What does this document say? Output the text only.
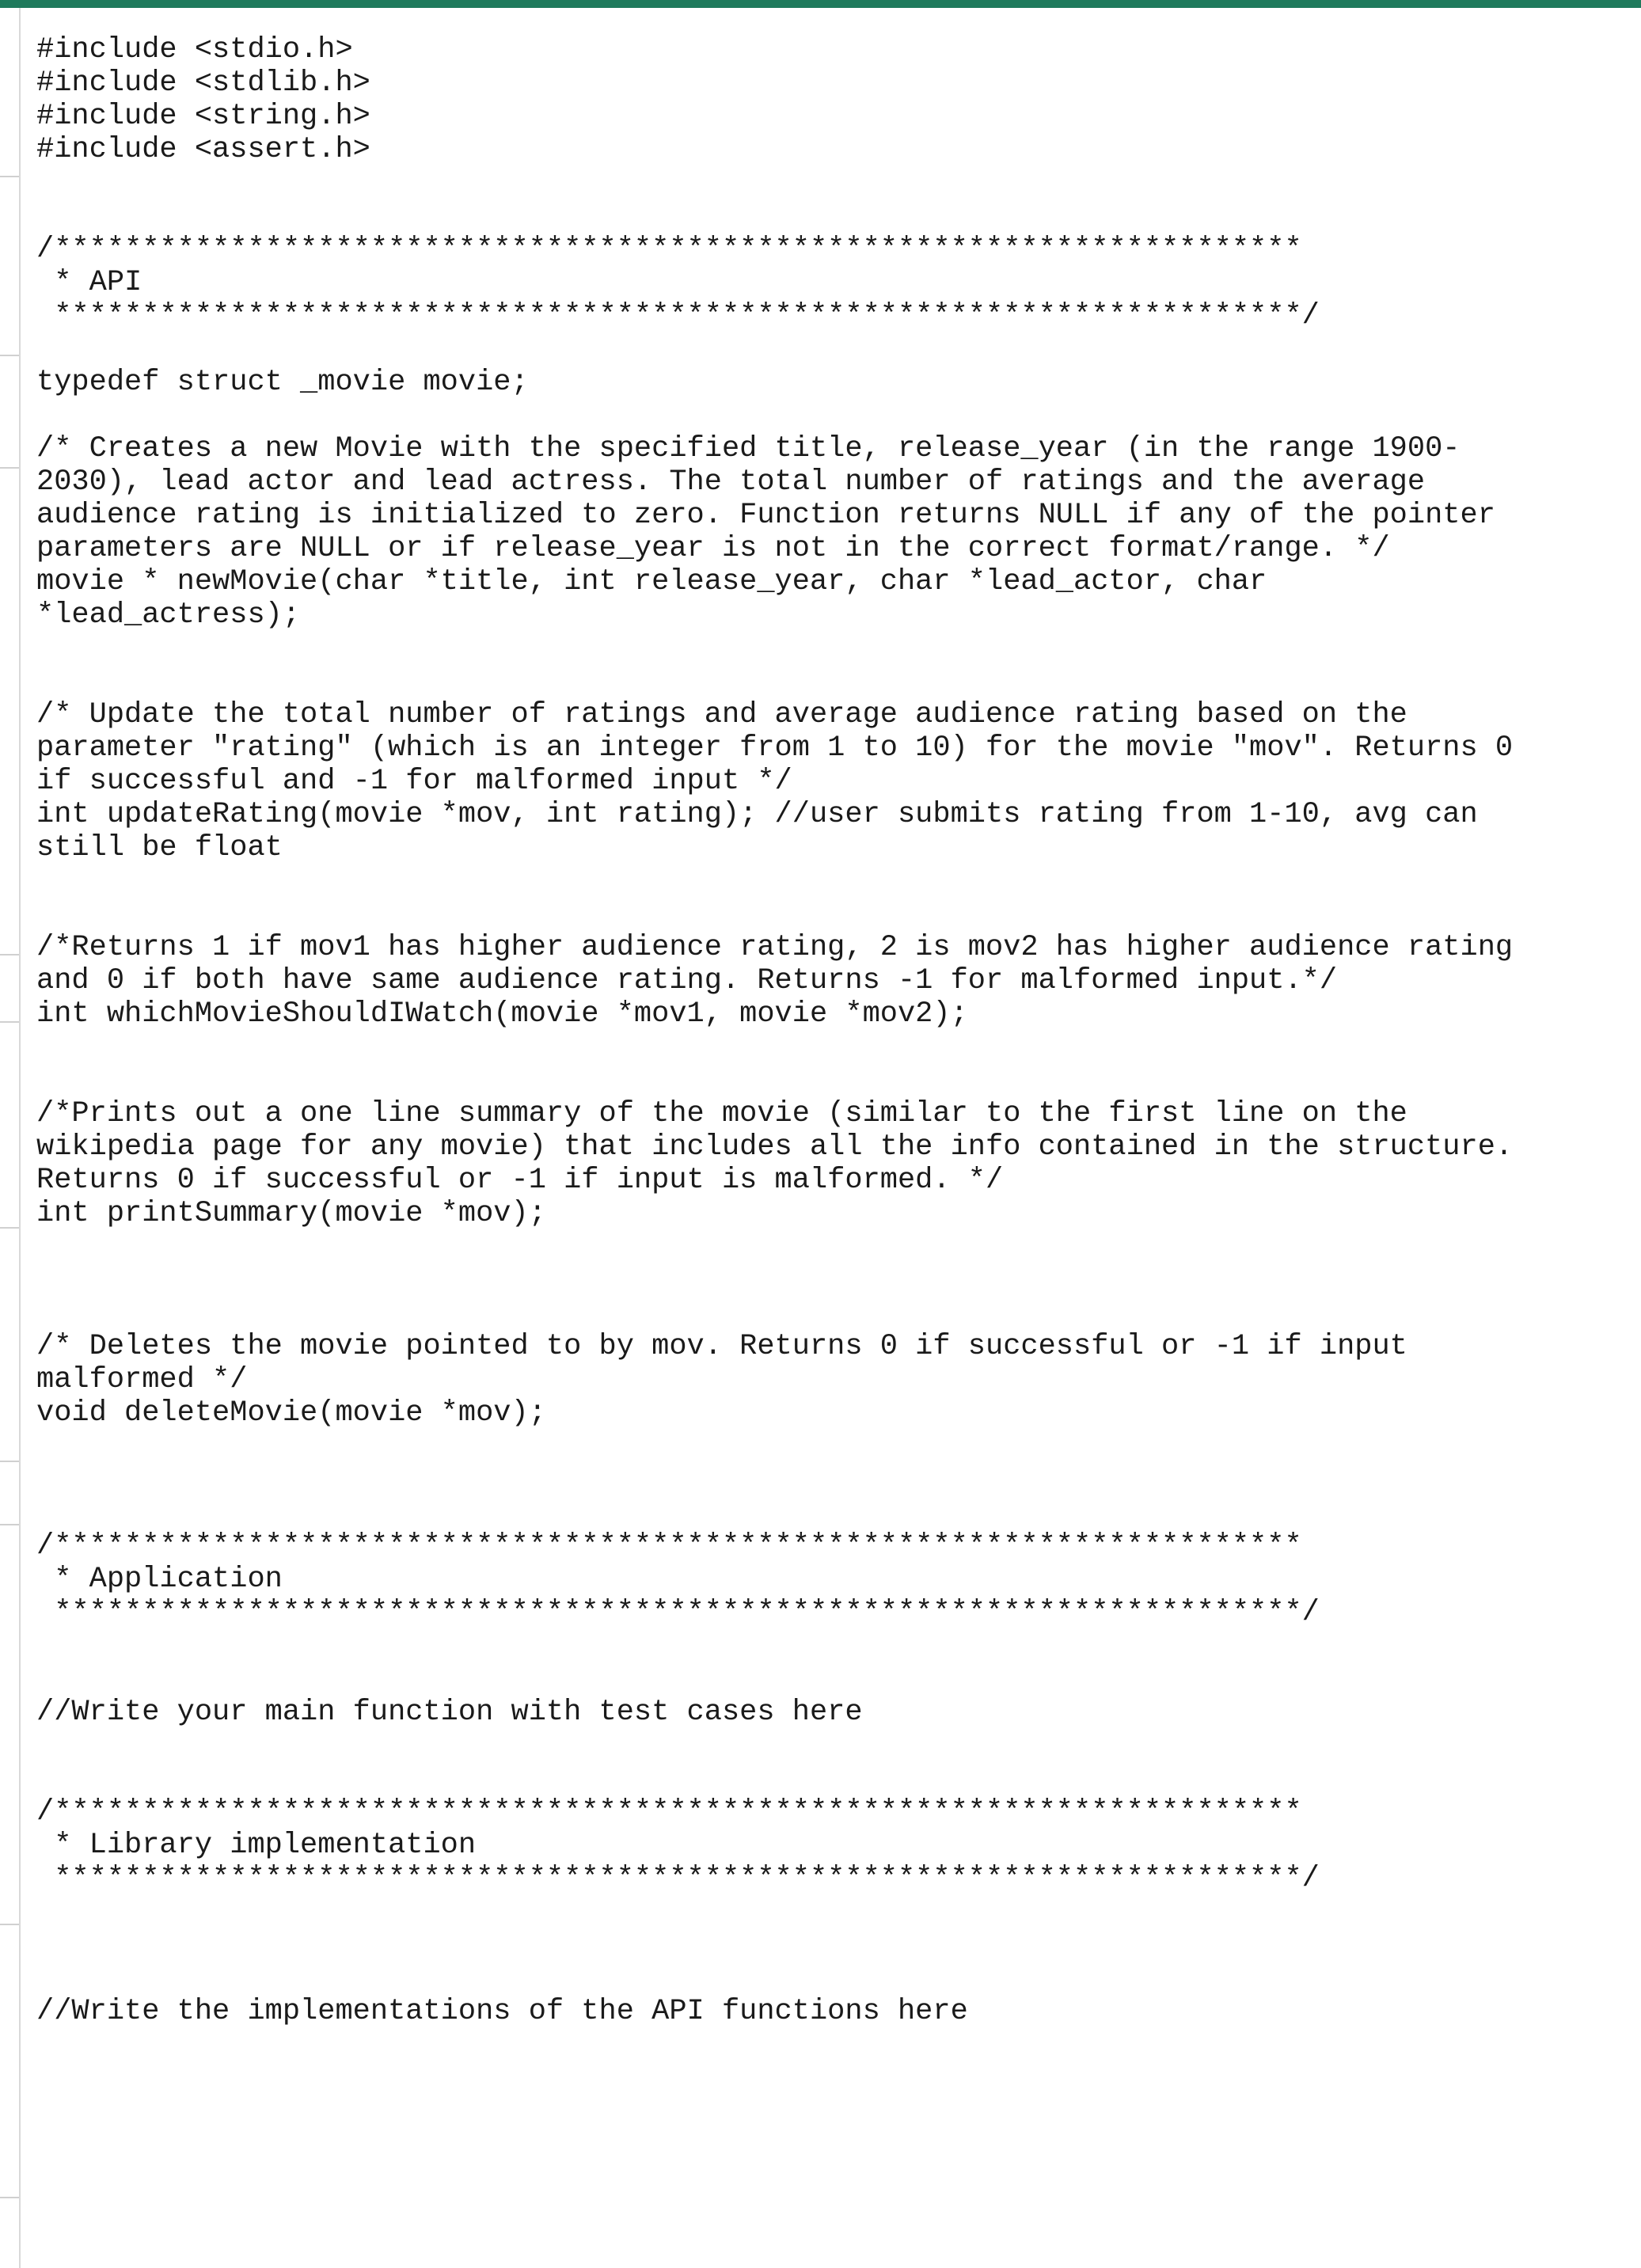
#include <stdio.h>
#include <stdlib.h>
#include <string.h>
#include <assert.h>
/***********************************************************************
* API
***********************************************************************/
typedef struct _movie movie;
/* Creates a new Movie with the specified title, release_year (in the range 1900-
2030), lead actor and lead actress. The total number of ratings and the average
audience rating is initialized to zero. Function returns NULL if any of the pointer
parameters are NULL or if release_year is not in the correct format/range. */
movie * newMovie(char *title, int release_year, char *lead_actor, char
*lead_actress);
/* Update the total number of ratings and average audience rating based on the
parameter "rating" (which is an integer from 1 to 10) for the movie "mov". Returns 0
if successful and -1 for malformed input */
int updateRating(movie *mov, int rating); //user submits rating from 1-10, avg can
still be float
/*Returns 1 if mov1 has higher audience rating, 2 is mov2 has higher audience rating
and 0 if both have same audience rating. Returns -1 for malformed input.*/
int whichMovieShouldIWatch(movie *mov1, movie *mov2);
/*Prints out a one line summary of the movie (similar to the first line on the
wikipedia page for any movie) that includes all the info contained in the structure.
Returns 0 if successful or -1 if input is malformed. */
int printSummary(movie *mov);
/* Deletes the movie pointed to by mov. Returns 0 if successful or -1 if input
malformed */
void deleteMovie(movie *mov);
/***********************************************************************
* Application
***********************************************************************/
//Write your main function with test cases here
/***********************************************************************
* Library implementation
***********************************************************************/
//Write the implementations of the API functions here
